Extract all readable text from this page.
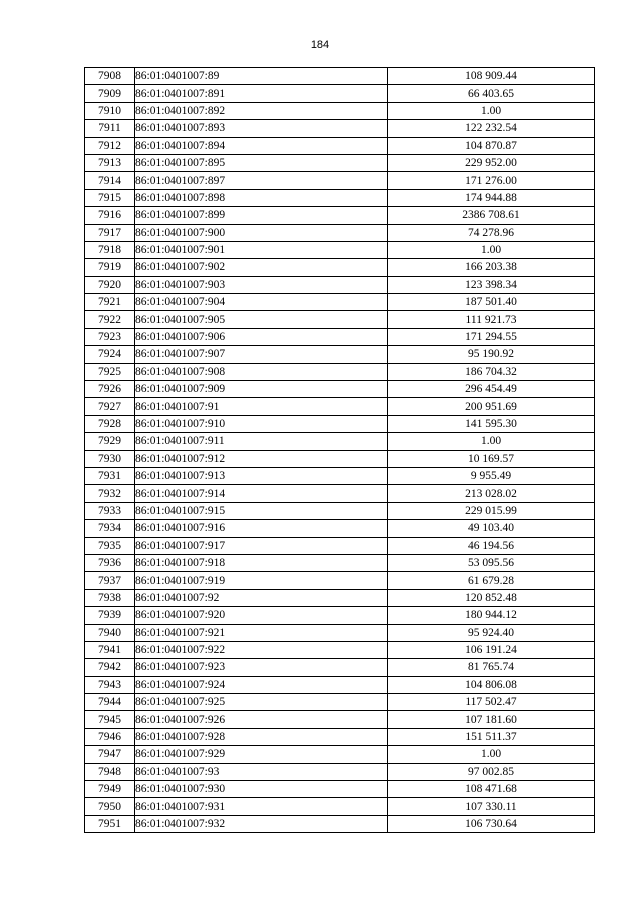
184
7908	86:01:0401007:89	108 909.44
7909	86:01:0401007:891	66 403.65
7910	86:01:0401007:892	1.00
7911	86:01:0401007:893	122 232.54
7912	86:01:0401007:894	104 870.87
7913	86:01:0401007:895	229 952.00
7914	86:01:0401007:897	171 276.00
7915	86:01:0401007:898	174 944.88
7916	86:01:0401007:899	2386 708.61
7917	86:01:0401007:900	74 278.96
7918	86:01:0401007:901	1.00
7919	86:01:0401007:902	166 203.38
7920	86:01:0401007:903	123 398.34
7921	86:01:0401007:904	187 501.40
7922	86:01:0401007:905	111 921.73
7923	86:01:0401007:906	171 294.55
7924	86:01:0401007:907	95 190.92
7925	86:01:0401007:908	186 704.32
7926	86:01:0401007:909	296 454.49
7927	86:01:0401007:91	200 951.69
7928	86:01:0401007:910	141 595.30
7929	86:01:0401007:911	1.00
7930	86:01:0401007:912	10 169.57
7931	86:01:0401007:913	9 955.49
7932	86:01:0401007:914	213 028.02
7933	86:01:0401007:915	229 015.99
7934	86:01:0401007:916	49 103.40
7935	86:01:0401007:917	46 194.56
7936	86:01:0401007:918	53 095.56
7937	86:01:0401007:919	61 679.28
7938	86:01:0401007:92	120 852.48
7939	86:01:0401007:920	180 944.12
7940	86:01:0401007:921	95 924.40
7941	86:01:0401007:922	106 191.24
7942	86:01:0401007:923	81 765.74
7943	86:01:0401007:924	104 806.08
7944	86:01:0401007:925	117 502.47
7945	86:01:0401007:926	107 181.60
7946	86:01:0401007:928	151 511.37
7947	86:01:0401007:929	1.00
7948	86:01:0401007:93	97 002.85
7949	86:01:0401007:930	108 471.68
7950	86:01:0401007:931	107 330.11
7951	86:01:0401007:932	106 730.64
